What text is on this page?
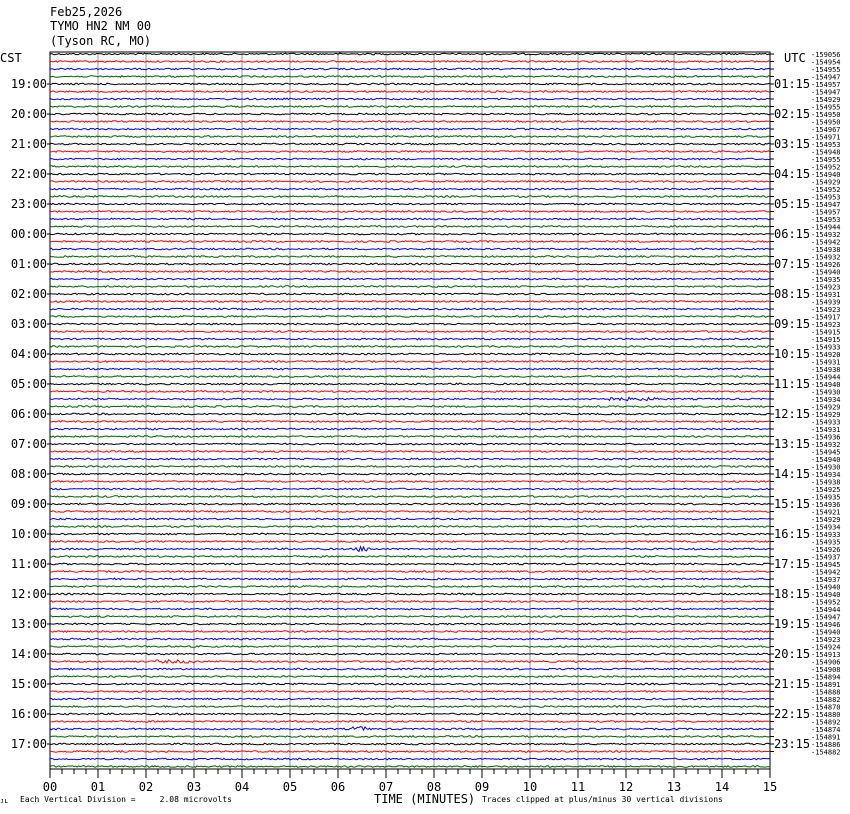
Feb25,2026
TYMO HN2 NM 00
(Tyson RC, MO)
CST	UTC
19:00
20:00
21:00
22:00
23:00
00:00
01:00
02:00
03:00
04:00
05:00
06:00
07:00
08:00
09:00
10:00
11:00
12:00
13:00
14:00
15:00
16:00
17:00
01:15
02:15
03:15
04:15
05:15
06:15
07:15
08:15
09:15
10:15
11:15
12:15
13:15
14:15
15:15
16:15
17:15
18:15
19:15
20:15
21:15
22:15
23:15
-159056
-154954
-154955
-154947
-154957
-154947
-154929
-154955
-154950
-154950
-154967
-154971
-154953
-154948
-154955
-154952
-154940
-154929
-154952
-154953
-154947
-154957
-154953
-154944
-154932
-154942
-154938
-154932
-154926
-154940
-154935
-154923
-154931
-154939
-154923
-154917
-154923
-154915
-154915
-154933
-154920
-154931
-154938
-154944
-154940
-154930
-154934
-154929
-154929
-154933
-154931
-154936
-154932
-154945
-154940
-154930
-154934
-154938
-154925
-154935
-154936
-154921
-154929
-154934
-154933
-154935
-154926
-154937
-154945
-154942
-154937
-154940
-154940
-154952
-154944
-154947
-154946
-154940
-154923
-154924
-154913
-154906
-154908
-154894
-154891
-154888
-154882
-154870
-154880
-154892
-154874
-154891
-154886
-154882
00	01	02	03	04	05	06	07	08	09	10	11	12	13	14	15
ᴊʟ Each Vertical Division =     2.08 microvolts	TIME (MINUTES) Traces clipped at plus/minus 30 vertical divisions
